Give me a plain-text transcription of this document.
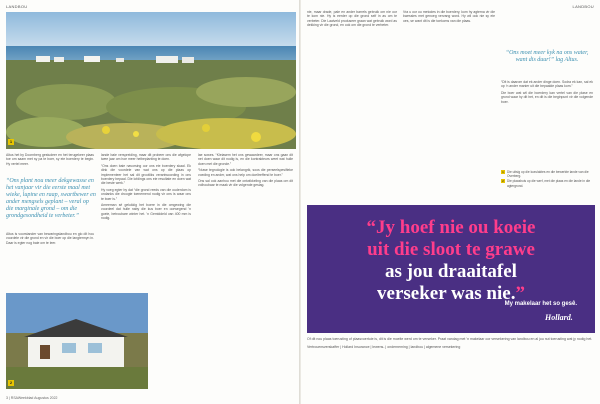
LANDBOU
1

Altus het by Doornberg gestudeer en het terugekeer plaas toe om saam met sy pa te boer, sy eie boerdery te begin. Hy vertel meer.

“Ons plant nou meer dekgewasse en het vanjaar vir die eerste maal met wieke, lupine en raap, swartbewer en ander mengsels geplant – veral op die marginale grond – om die grondgesondheid te verbeter.”

Altus is voorstander van bewaringslandbou en glo dit hou voordele vir die grond en vir die boer op die langtermyn in. Daar is egter nog baie om te leer.

lande baie verspreiding, maar dit probeer ons die afgelope twee jaar om hoe meer heibeplanting te doen.

“Ons doen baie navorsing oor ons eie boerdery skaal. Ek dink die voordele van wat ons op die plaas op implementeer het sal dit grootliks verantwoording in ons boerdery bepaal. Die lofdings ons eie resultate en doen wat die beste werk.”

Hy voeg egter by dat “die grond reeds van die ouderdom is ondanks die droogte toenemend nodig vir ons is waar ons te boer is.”

Ameeman sê gelukkig het boere in die omgewing die voordeel dat hulle naby die kus boer en oorwegend ’n goeie, betroubare winter het. ’n Gemiddeld van 400 mm is nodig.

lae sowes. “Kleiasem het ons gewaardeer, maar ons gaan dit net doen waar dit nodig is, en die kontrakteurs weet wat hulle doen met die gronde.”

“Nuwe tegnologie is ook belangrik, soos die perseelspesifieke voeding en ander, wat ons help om doeltreffend te boer.”

Ons sal ook aanhou met die ontwikkeling van die plaas om dit volhoubaar te maak vir die volgende geslag.

2
3 | RSAWeekblad Augustus 2022
LANDBOU
nie, maar drade, pale en ander barrels gebruik om nie oor te kom nie. Hy is eerder op die grond self in as om te verbeter. Die Laaiveld produseer graan wat gebruik word as dekking vir die grond, en ook om die grond te verbeter.
Vra u oor ou metodes in die boerdery, kom hy agterna vir die kwessies met genoeg vervang word. Hy wil ook nie sy eie oes, se want dit is die toekoms van die plaas.
“Ons moet meer kyk na ons water, want dis duur!” lag Altus.

“Dit is daarom dat ek ander dinge doen. Sodra ek kan, sal ek op ’n ander manier uit die bepaalde plaas kom.”

Die boer wat wil die boerdery kan vertel van die plase en grond waar hy dit het, en dit is die beginpunt vir die volgende boer.

1 Die uitsig op die kusvlaktes en die bewerkte lande van die Overberg.
2 Die plaashuis op die werf, met die plaas en die lande in die agtergrond.
“Jy hoef nie ou koeie
uit die sloot te grawe
as jou draaitafel
verseker was nie.”
My makelaar het so gesê.
Hollard.
Of dit nou plaas toerusting of plaasvoertuie is, dit is die moeite werd om te verseker. Praat vandag met ’n makelaar oor versekering van landbou en al jou nut toerusting wat jy nodig het.
Vertrouensverskaffer | Hollard Insurance | lewens- | onderneming | landbou | algemene versekering
